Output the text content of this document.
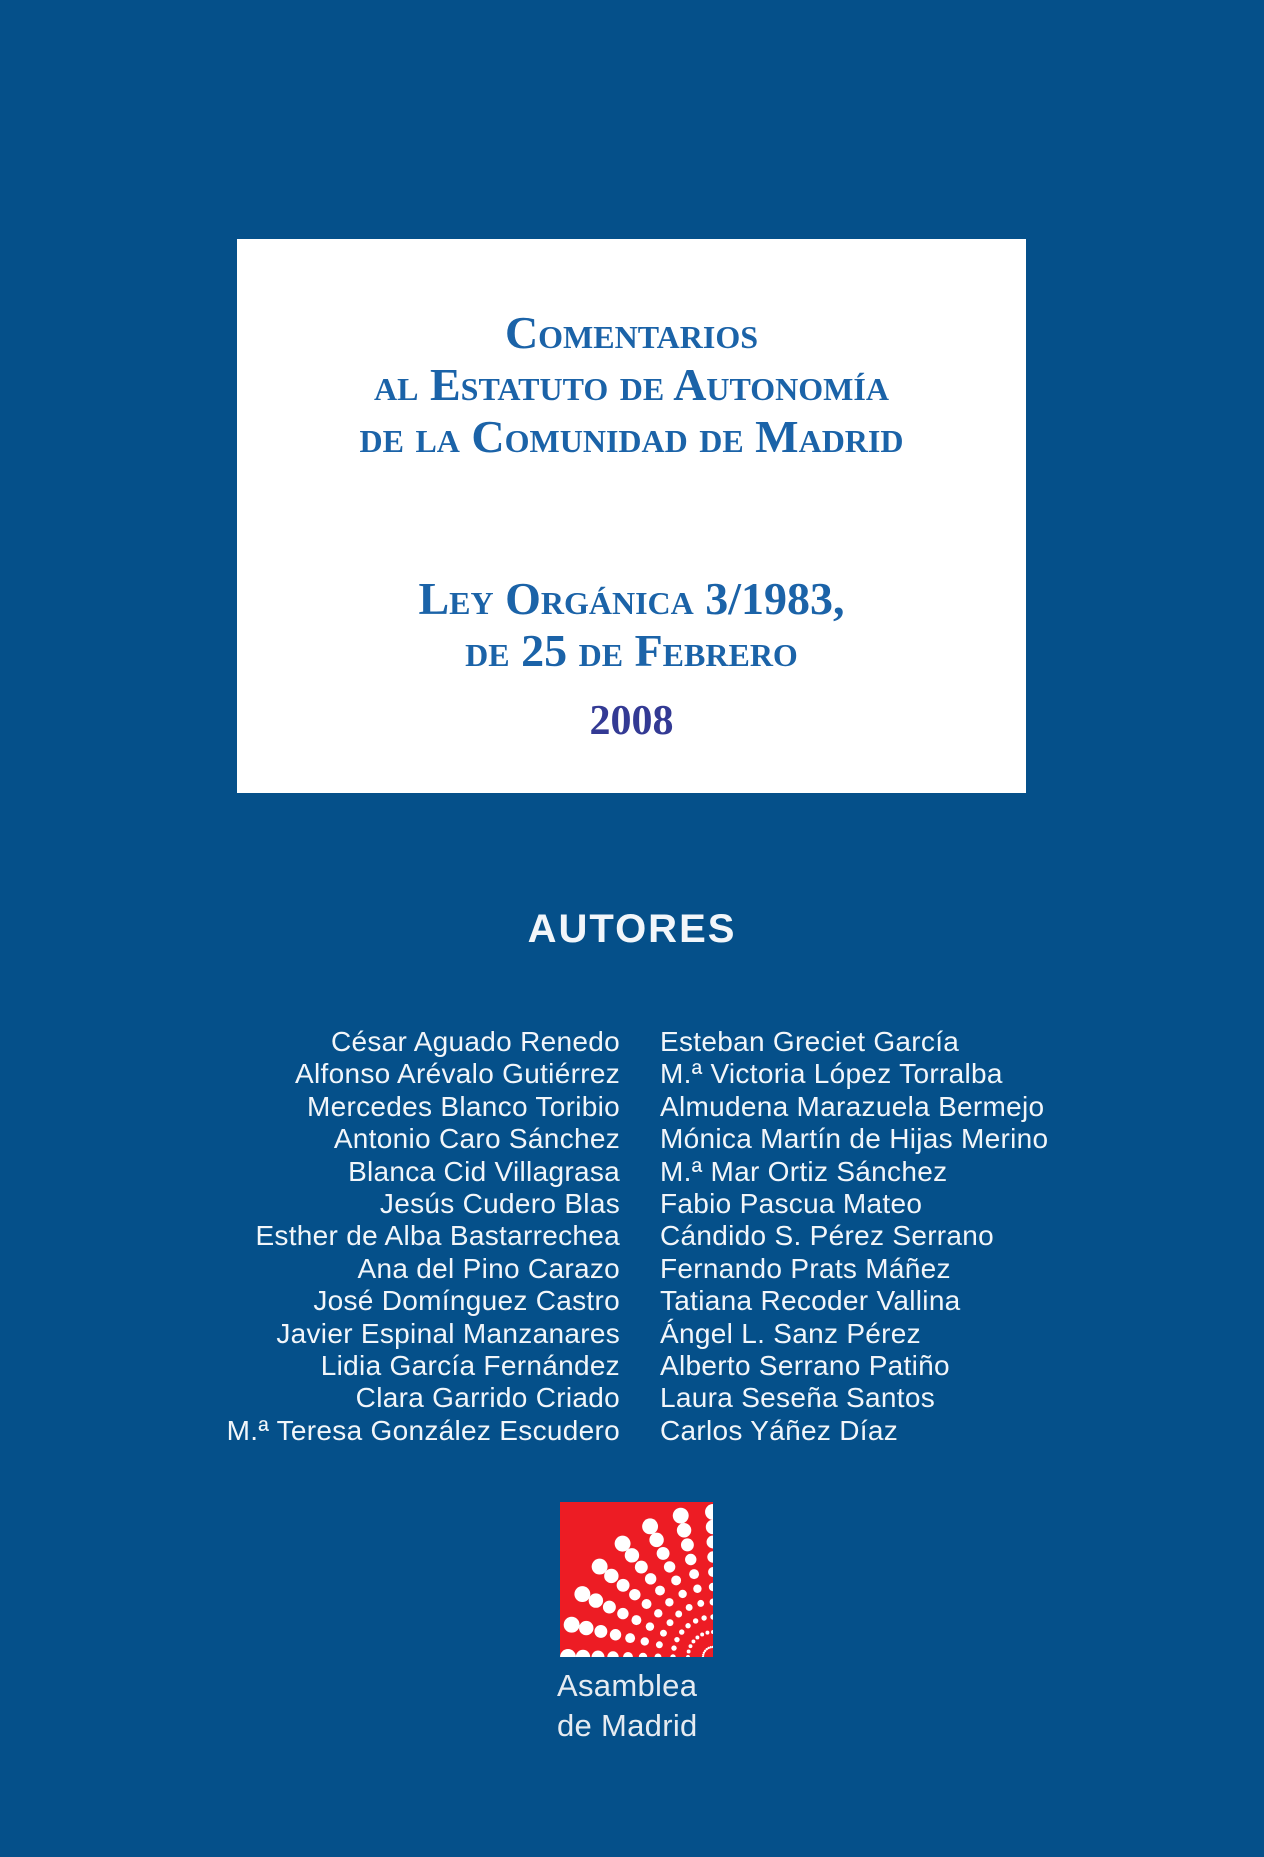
Comentarios
al Estatuto de Autonomía
de la Comunidad de Madrid
Ley Orgánica 3/1983,
de 25 de Febrero
2008
AUTORES
César Aguado Renedo
Alfonso Arévalo Gutiérrez
Mercedes Blanco Toribio
Antonio Caro Sánchez
Blanca Cid Villagrasa
Jesús Cudero Blas
Esther de Alba Bastarrechea
Ana del Pino Carazo
José Domínguez Castro
Javier Espinal Manzanares
Lidia García Fernández
Clara Garrido Criado
M.ª Teresa González Escudero
Esteban Greciet García
M.ª Victoria López Torralba
Almudena Marazuela Bermejo
Mónica Martín de Hijas Merino
M.ª Mar Ortiz Sánchez
Fabio Pascua Mateo
Cándido S. Pérez Serrano
Fernando Prats Máñez
Tatiana Recoder Vallina
Ángel L. Sanz Pérez
Alberto Serrano Patiño
Laura Seseña Santos
Carlos Yáñez Díaz
Asamblea
de Madrid
